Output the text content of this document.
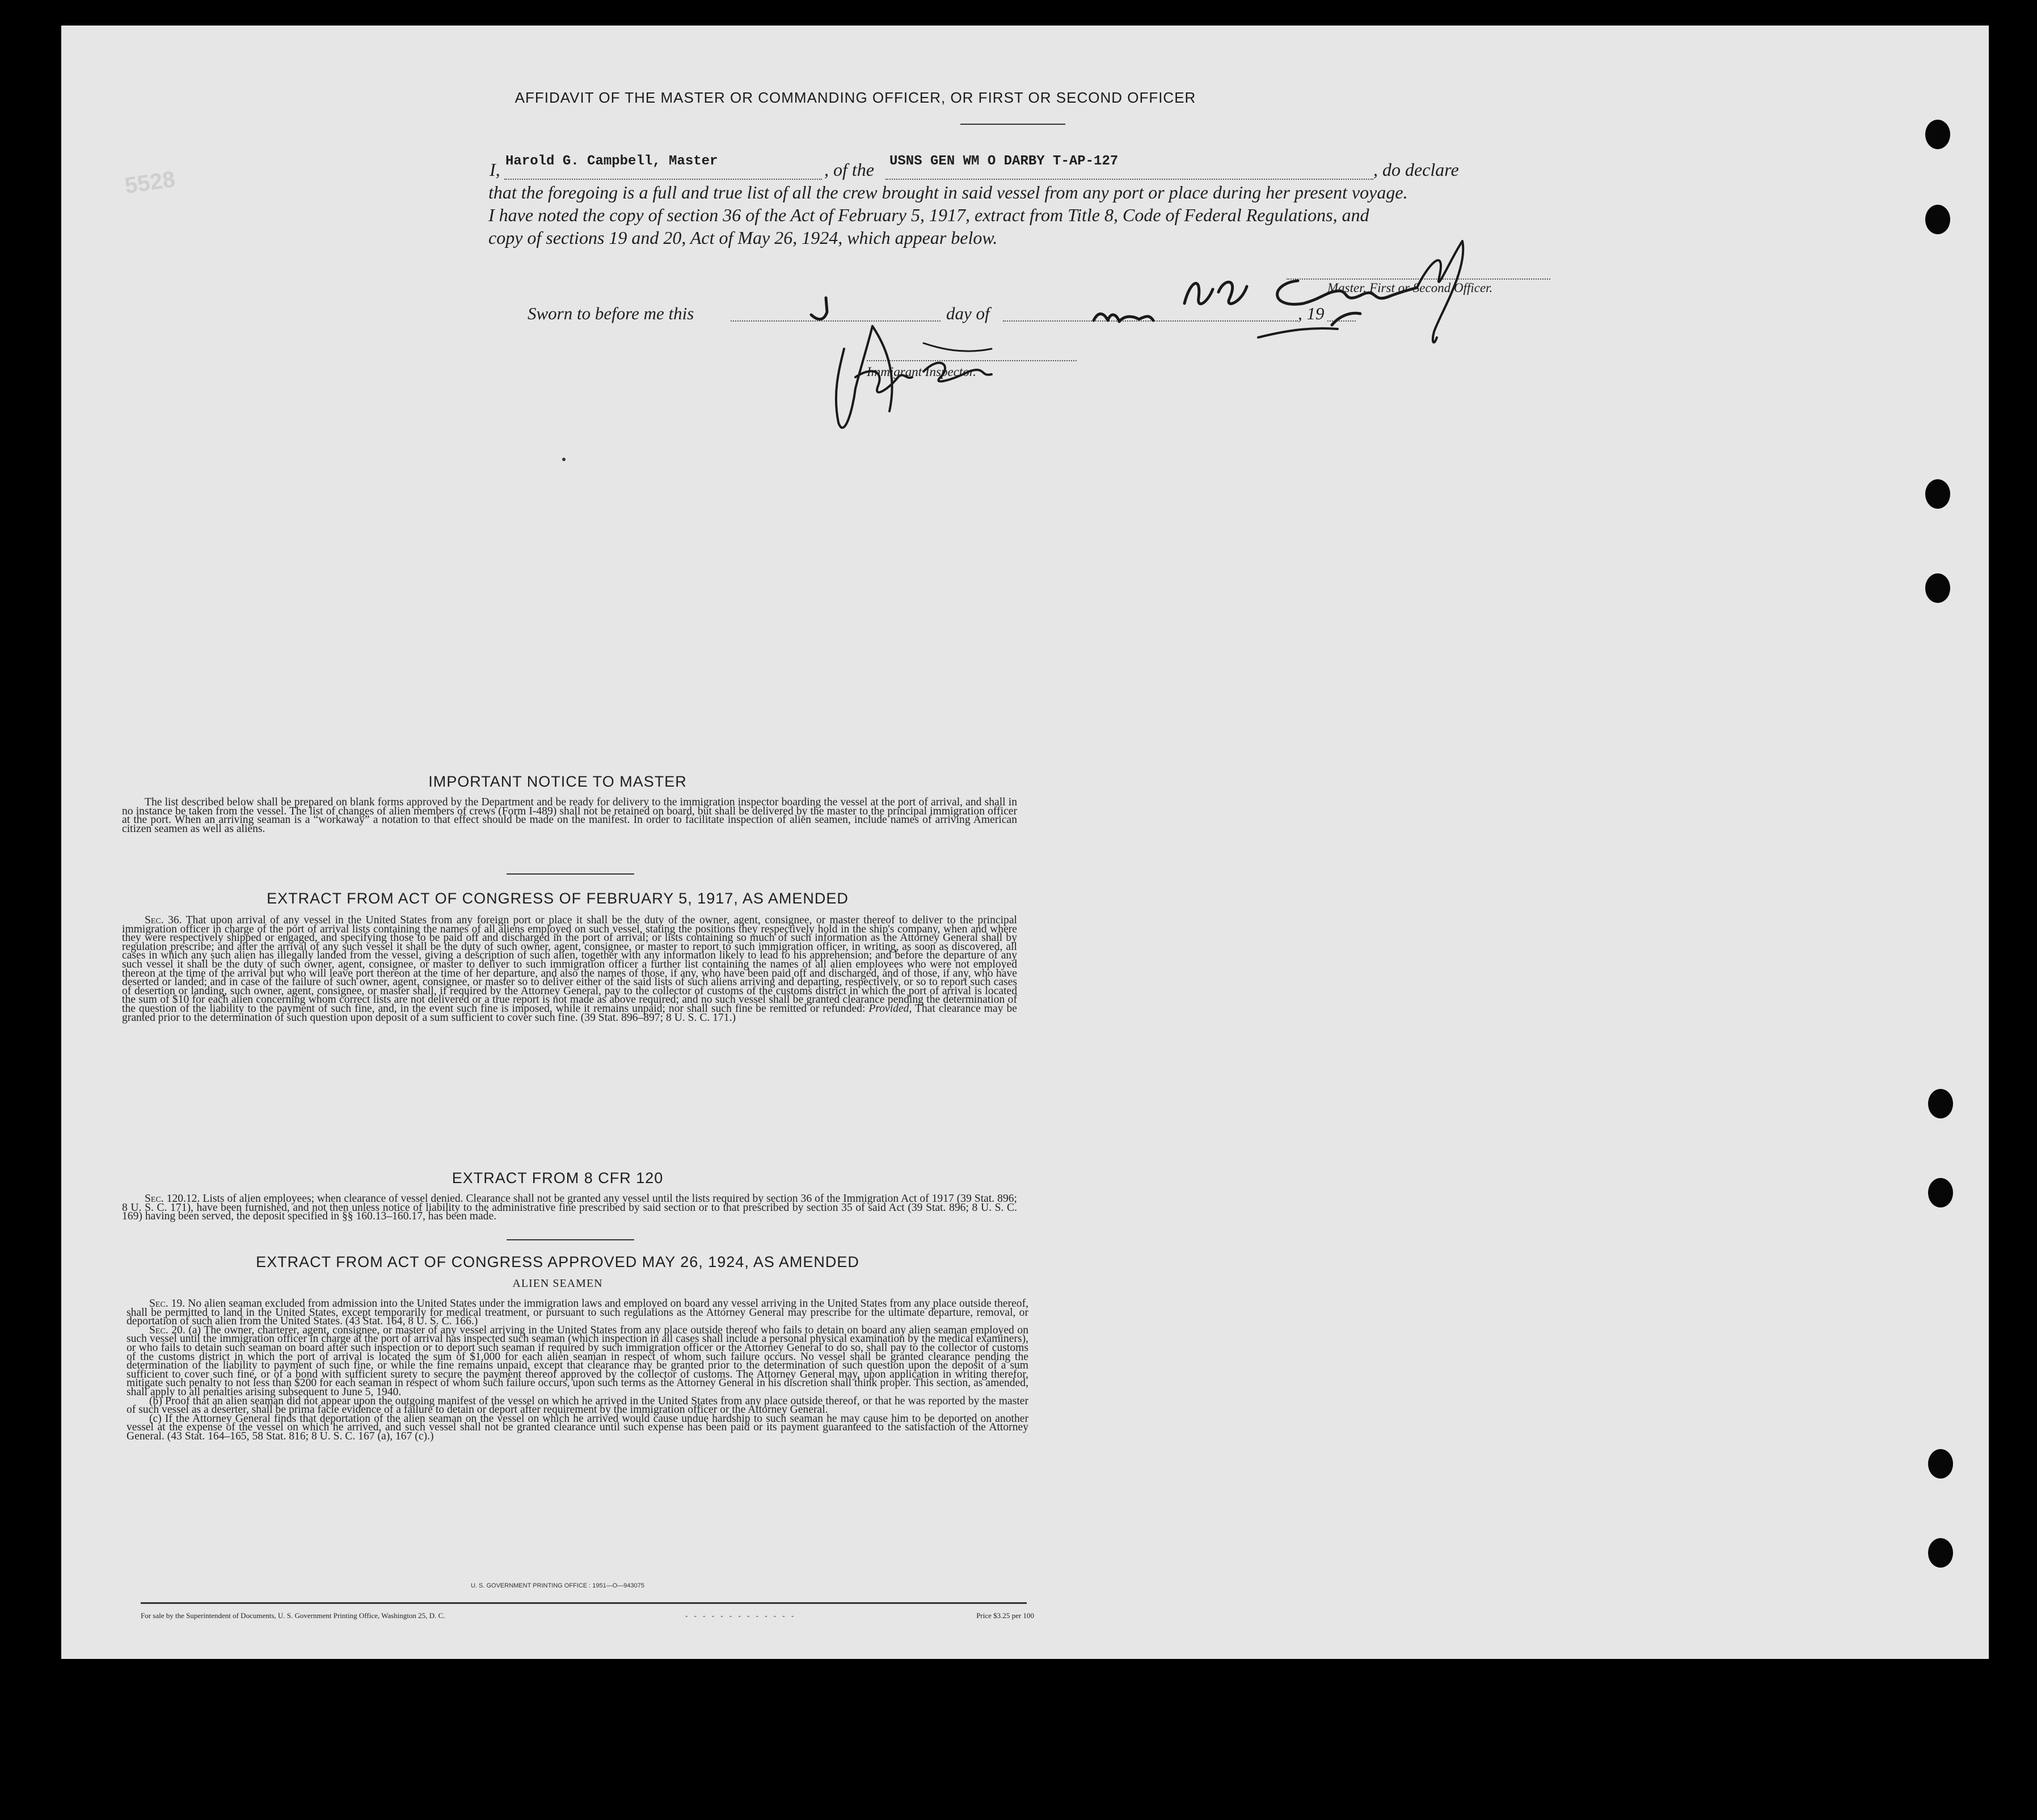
5528
AFFIDAVIT OF THE MASTER OR COMMANDING OFFICER, OR FIRST OR SECOND OFFICER
I, Harold G. Campbell, Master	, of the USNS GEN WM O DARBY T-AP-127	, do declare
that the foregoing is a full and true list of all the crew brought in said vessel from any port or place during her present voyage.
I have noted the copy of section 36 of the Act of February 5, 1917, extract from Title 8, Code of Federal Regulations, and
copy of sections 19 and 20, Act of May 26, 1924, which appear below.
Master, First or Second Officer.
Sworn to before me this	day of	, 19
Immigrant Inspector.
IMPORTANT NOTICE TO MASTER

The list described below shall be prepared on blank forms approved by the Department and be ready for delivery to the immigration inspector boarding the vessel at the port of arrival, and shall in no instance be taken from the vessel. The list of changes of alien members of crews (Form I-489) shall not be retained on board, but shall be delivered by the master to the principal immigration officer at the port. When an arriving seaman is a “workaway” a notation to that effect should be made on the manifest. In order to facilitate inspection of alien seamen, include names of arriving American citizen seamen as well as aliens.

EXTRACT FROM ACT OF CONGRESS OF FEBRUARY 5, 1917, AS AMENDED

Sec. 36. That upon arrival of any vessel in the United States from any foreign port or place it shall be the duty of the owner, agent, consignee, or master thereof to deliver to the principal immigration officer in charge of the port of arrival lists containing the names of all aliens employed on such vessel, stating the positions they respectively hold in the ship's company, when and where they were respectively shipped or engaged, and specifying those to be paid off and discharged in the port of arrival; or lists containing so much of such information as the Attorney General shall by regulation prescribe; and after the arrival of any such vessel it shall be the duty of such owner, agent, consignee, or master to report to such immigration officer, in writing, as soon as discovered, all cases in which any such alien has illegally landed from the vessel, giving a description of such alien, together with any information likely to lead to his apprehension; and before the departure of any such vessel it shall be the duty of such owner, agent, consignee, or master to deliver to such immigration officer a further list containing the names of all alien employees who were not employed thereon at the time of the arrival but who will leave port thereon at the time of her departure, and also the names of those, if any, who have been paid off and discharged, and of those, if any, who have deserted or landed; and in case of the failure of such owner, agent, consignee, or master so to deliver either of the said lists of such aliens arriving and departing, respectively, or so to report such cases of desertion or landing, such owner, agent, consignee, or master shall, if required by the Attorney General, pay to the collector of customs of the customs district in which the port of arrival is located the sum of $10 for each alien concerning whom correct lists are not delivered or a true report is not made as above required; and no such vessel shall be granted clearance pending the determination of the question of the liability to the payment of such fine, and, in the event such fine is imposed, while it remains unpaid; nor shall such fine be remitted or refunded: Provided, That clearance may be granted prior to the determination of such question upon deposit of a sum sufficient to cover such fine. (39 Stat. 896–897; 8 U. S. C. 171.)

EXTRACT FROM 8 CFR 120

Sec. 120.12. Lists of alien employees; when clearance of vessel denied. Clearance shall not be granted any vessel until the lists required by section 36 of the Immigration Act of 1917 (39 Stat. 896; 8 U. S. C. 171), have been furnished, and not then unless notice of liability to the administrative fine prescribed by said section or to that prescribed by section 35 of said Act (39 Stat. 896; 8 U. S. C. 169) having been served, the deposit specified in §§ 160.13–160.17, has been made.

EXTRACT FROM ACT OF CONGRESS APPROVED MAY 26, 1924, AS AMENDED
ALIEN SEAMEN

Sec. 19. No alien seaman excluded from admission into the United States under the immigration laws and employed on board any vessel arriving in the United States from any place outside thereof, shall be permitted to land in the United States, except temporarily for medical treatment, or pursuant to such regulations as the Attorney General may prescribe for the ultimate departure, removal, or deportation of such alien from the United States. (43 Stat. 164, 8 U. S. C. 166.)

Sec. 20. (a) The owner, charterer, agent, consignee, or master of any vessel arriving in the United States from any place outside thereof who fails to detain on board any alien seaman employed on such vessel until the immigration officer in charge at the port of arrival has inspected such seaman (which inspection in all cases shall include a personal physical examination by the medical examiners), or who fails to detain such seaman on board after such inspection or to deport such seaman if required by such immigration officer or the Attorney General to do so, shall pay to the collector of customs of the customs district in which the port of arrival is located the sum of $1,000 for each alien seaman in respect of whom such failure occurs. No vessel shall be granted clearance pending the determination of the liability to payment of such fine, or while the fine remains unpaid, except that clearance may be granted prior to the determination of such question upon the deposit of a sum sufficient to cover such fine, or of a bond with sufficient surety to secure the payment thereof approved by the collector of customs. The Attorney General may, upon application in writing therefor, mitigate such penalty to not less than $200 for each seaman in respect of whom such failure occurs, upon such terms as the Attorney General in his discretion shall think proper. This section, as amended, shall apply to all penalties arising subsequent to June 5, 1940.

(b) Proof that an alien seaman did not appear upon the outgoing manifest of the vessel on which he arrived in the United States from any place outside thereof, or that he was reported by the master of such vessel as a deserter, shall be prima facie evidence of a failure to detain or deport after requirement by the immigration officer or the Attorney General.

(c) If the Attorney General finds that deportation of the alien seaman on the vessel on which he arrived would cause undue hardship to such seaman he may cause him to be deported on another vessel at the expense of the vessel on which he arrived, and such vessel shall not be granted clearance until such expense has been paid or its payment guaranteed to the satisfaction of the Attorney General. (43 Stat. 164–165, 58 Stat. 816; 8 U. S. C. 167 (a), 167 (c).)

U. S. GOVERNMENT PRINTING OFFICE : 1951—O—943075
For sale by the Superintendent of Documents, U. S. Government Printing Office, Washington 25, D. C.	- - - - - - - - - - - - -	Price $3.25 per 100
